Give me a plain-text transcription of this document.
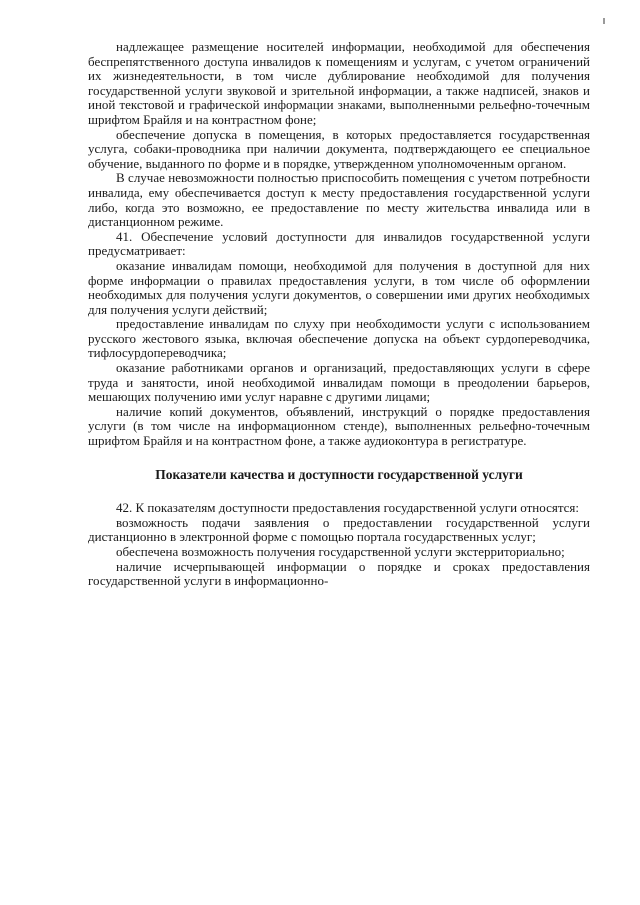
надлежащее размещение носителей информации, необходимой для обеспечения беспрепятственного доступа инвалидов к помещениям и услугам, с учетом ограничений их жизнедеятельности, в том числе дублирование необходимой для получения государственной услуги звуковой и зрительной информации, а также надписей, знаков и иной текстовой и графической информации знаками, выполненными рельефно-точечным шрифтом Брайля и на контрастном фоне;

обеспечение допуска в помещения, в которых предоставляется государственная услуга, собаки-проводника при наличии документа, подтверждающего ее специальное обучение, выданного по форме и в порядке, утвержденном уполномоченным органом.

В случае невозможности полностью приспособить помещения с учетом потребности инвалида, ему обеспечивается доступ к месту предоставления государственной услуги либо, когда это возможно, ее предоставление по месту жительства инвалида или в дистанционном режиме.

41. Обеспечение условий доступности для инвалидов государственной услуги предусматривает:

оказание инвалидам помощи, необходимой для получения в доступной для них форме информации о правилах предоставления услуги, в том числе об оформлении необходимых для получения услуги документов, о совершении ими других необходимых для получения услуги действий;

предоставление инвалидам по слуху при необходимости услуги с использованием русского жестового языка, включая обеспечение допуска на объект сурдопереводчика, тифлосурдопереводчика;

оказание работниками органов и организаций, предоставляющих услуги в сфере труда и занятости, иной необходимой инвалидам помощи в преодолении барьеров, мешающих получению ими услуг наравне с другими лицами;

наличие копий документов, объявлений, инструкций о порядке предоставления услуги (в том числе на информационном стенде), выполненных рельефно-точечным шрифтом Брайля и на контрастном фоне, а также аудиоконтура в регистратуре.

Показатели качества и доступности государственной услуги

42. К показателям доступности предоставления государственной услуги относятся:

возможность подачи заявления о предоставлении государственной услуги дистанционно в электронной форме с помощью портала государственных услуг;

обеспечена возможность получения государственной услуги экстерриториально;

наличие исчерпывающей информации о порядке и сроках предоставления государственной услуги в информационно-
